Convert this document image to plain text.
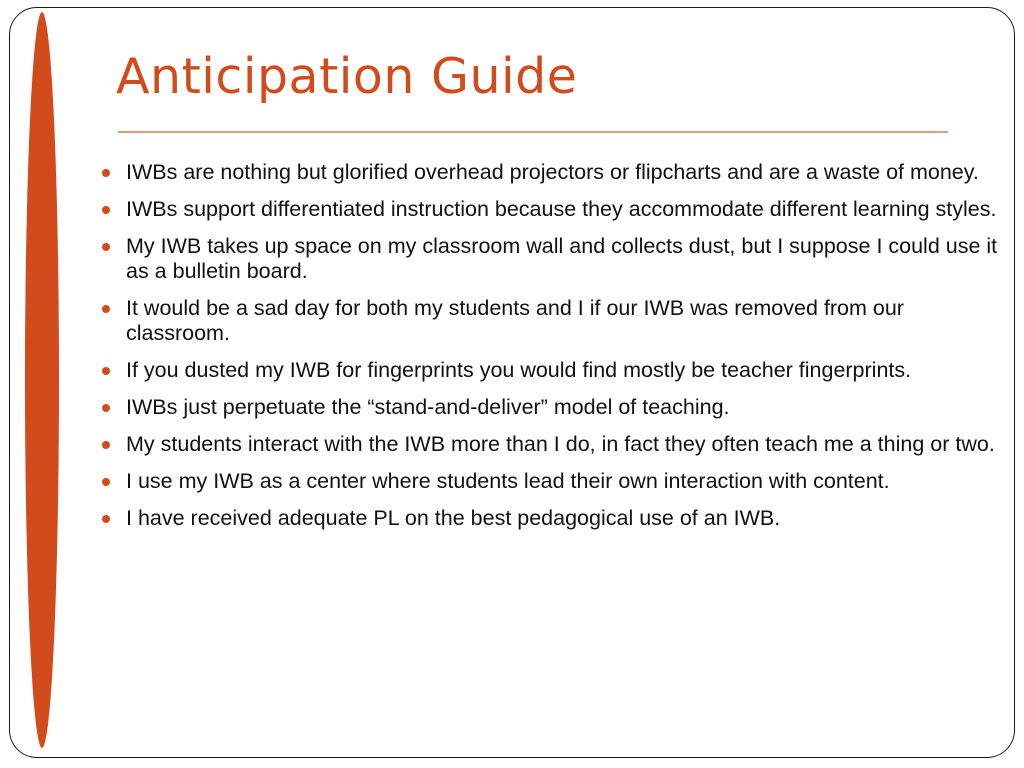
Anticipation Guide
IWBs are nothing but glorified overhead projectors or flipcharts and are a waste of money.
IWBs support differentiated instruction because they accommodate different learning styles.
My IWB takes up space on my classroom wall and collects dust, but I suppose I could use it as a bulletin board.
It would be a sad day for both my students and I if our IWB was removed from our classroom.
If you dusted my IWB for fingerprints you would find mostly be teacher fingerprints.
IWBs just perpetuate the “stand-and-deliver” model of teaching.
My students interact with the IWB more than I do, in fact they often teach me a thing or two.
I use my IWB as a center where students lead their own interaction with content.
I have received adequate PL on the best pedagogical use of an IWB.
